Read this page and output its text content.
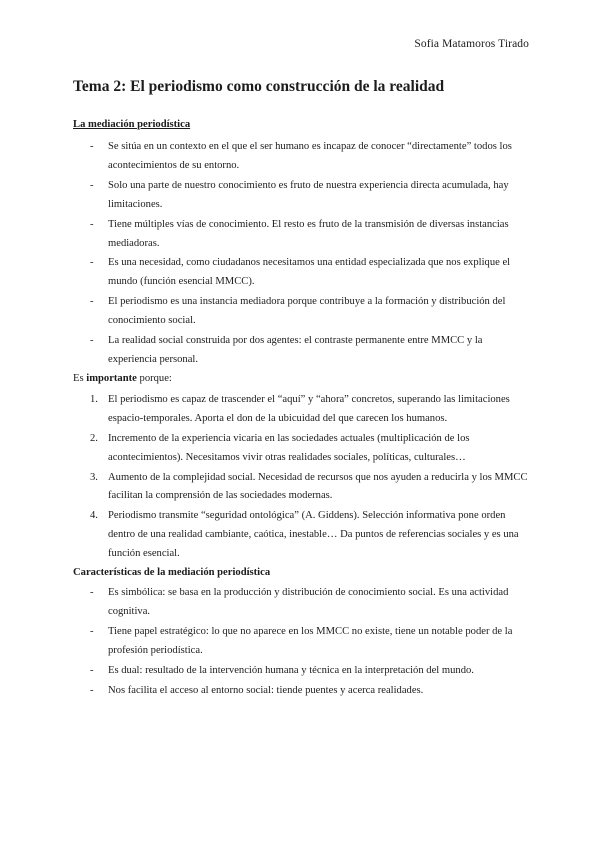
Sofia Matamoros Tirado
Tema 2: El periodismo como construcción de la realidad
La mediación periodística
- Se sitúa en un contexto en el que el ser humano es incapaz de conocer “directamente” todos los acontecimientos de su entorno.
- Solo una parte de nuestro conocimiento es fruto de nuestra experiencia directa acumulada, hay limitaciones.
- Tiene múltiples vías de conocimiento. El resto es fruto de la transmisión de diversas instancias mediadoras.
- Es una necesidad, como ciudadanos necesitamos una entidad especializada que nos explique el mundo (función esencial MMCC).
- El periodismo es una instancia mediadora porque contribuye a la formación y distribución del conocimiento social.
- La realidad social construida por dos agentes: el contraste permanente entre MMCC y la experiencia personal.
Es importante porque:
1. El periodismo es capaz de trascender el “aquí” y “ahora” concretos, superando las limitaciones espacio-temporales. Aporta el don de la ubicuidad del que carecen los humanos.
2. Incremento de la experiencia vicaria en las sociedades actuales (multiplicación de los acontecimientos). Necesitamos vivir otras realidades sociales, políticas, culturales…
3. Aumento de la complejidad social. Necesidad de recursos que nos ayuden a reducirla y los MMCC facilitan la comprensión de las sociedades modernas.
4. Periodismo transmite “seguridad ontológica” (A. Giddens). Selección informativa pone orden dentro de una realidad cambiante, caótica, inestable… Da puntos de referencias sociales y es una función esencial.
Características de la mediación periodística
- Es simbólica: se basa en la producción y distribución de conocimiento social. Es una actividad cognitiva.
- Tiene papel estratégico: lo que no aparece en los MMCC no existe, tiene un notable poder de la profesión periodística.
- Es dual: resultado de la intervención humana y técnica en la interpretación del mundo.
- Nos facilita el acceso al entorno social: tiende puentes y acerca realidades.
